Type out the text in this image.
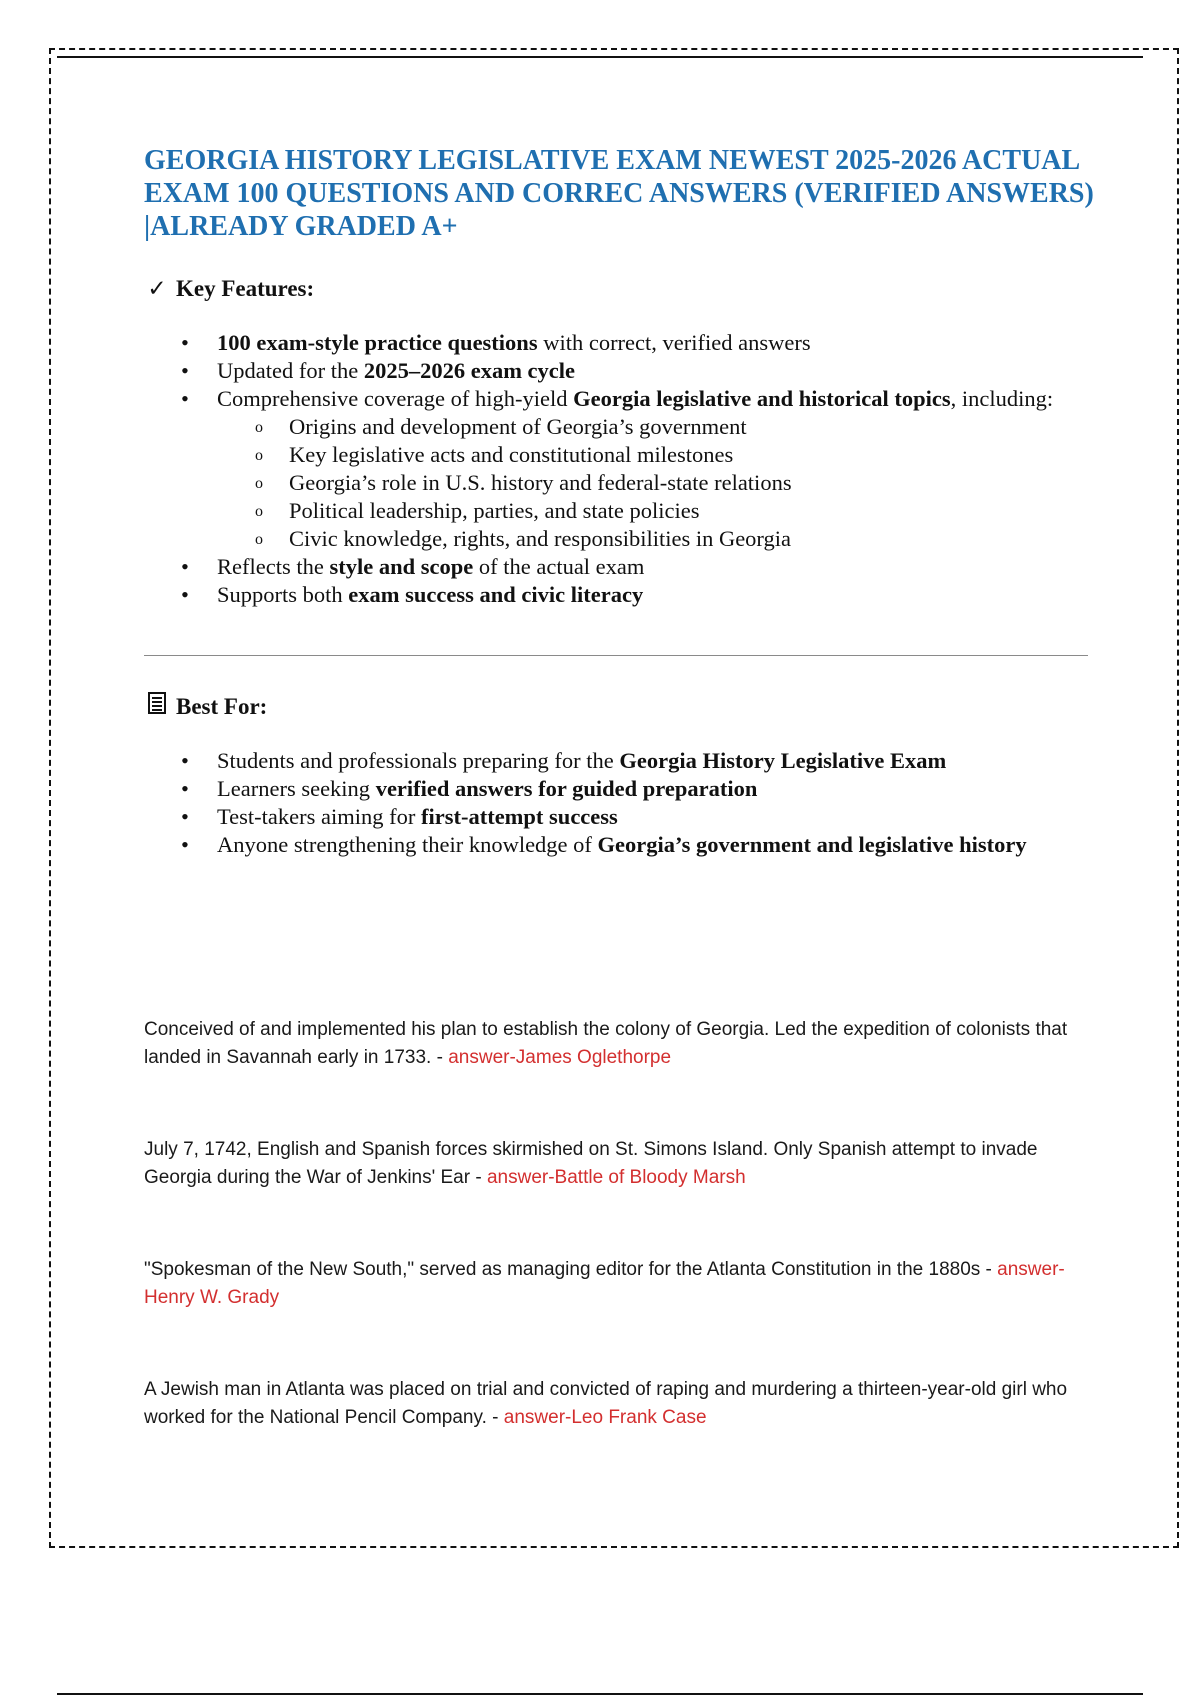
GEORGIA HISTORY LEGISLATIVE EXAM NEWEST 2025-2026 ACTUAL EXAM 100 QUESTIONS AND CORREC ANSWERS (VERIFIED ANSWERS) |ALREADY GRADED A+
✓ Key Features:
• 100 exam-style practice questions with correct, verified answers
• Updated for the 2025–2026 exam cycle
• Comprehensive coverage of high-yield Georgia legislative and historical topics, including:
o Origins and development of Georgia’s government
o Key legislative acts and constitutional milestones
o Georgia’s role in U.S. history and federal-state relations
o Political leadership, parties, and state policies
o Civic knowledge, rights, and responsibilities in Georgia
• Reflects the style and scope of the actual exam
• Supports both exam success and civic literacy
Best For:
• Students and professionals preparing for the Georgia History Legislative Exam
• Learners seeking verified answers for guided preparation
• Test-takers aiming for first-attempt success
• Anyone strengthening their knowledge of Georgia’s government and legislative history

Conceived of and implemented his plan to establish the colony of Georgia. Led the expedition of colonists that landed in Savannah early in 1733. - answer-James Oglethorpe

July 7, 1742, English and Spanish forces skirmished on St. Simons Island. Only Spanish attempt to invade Georgia during the War of Jenkins' Ear - answer-Battle of Bloody Marsh

"Spokesman of the New South," served as managing editor for the Atlanta Constitution in the 1880s - answer-Henry W. Grady

A Jewish man in Atlanta was placed on trial and convicted of raping and murdering a thirteen-year-old girl who worked for the National Pencil Company. - answer-Leo Frank Case
